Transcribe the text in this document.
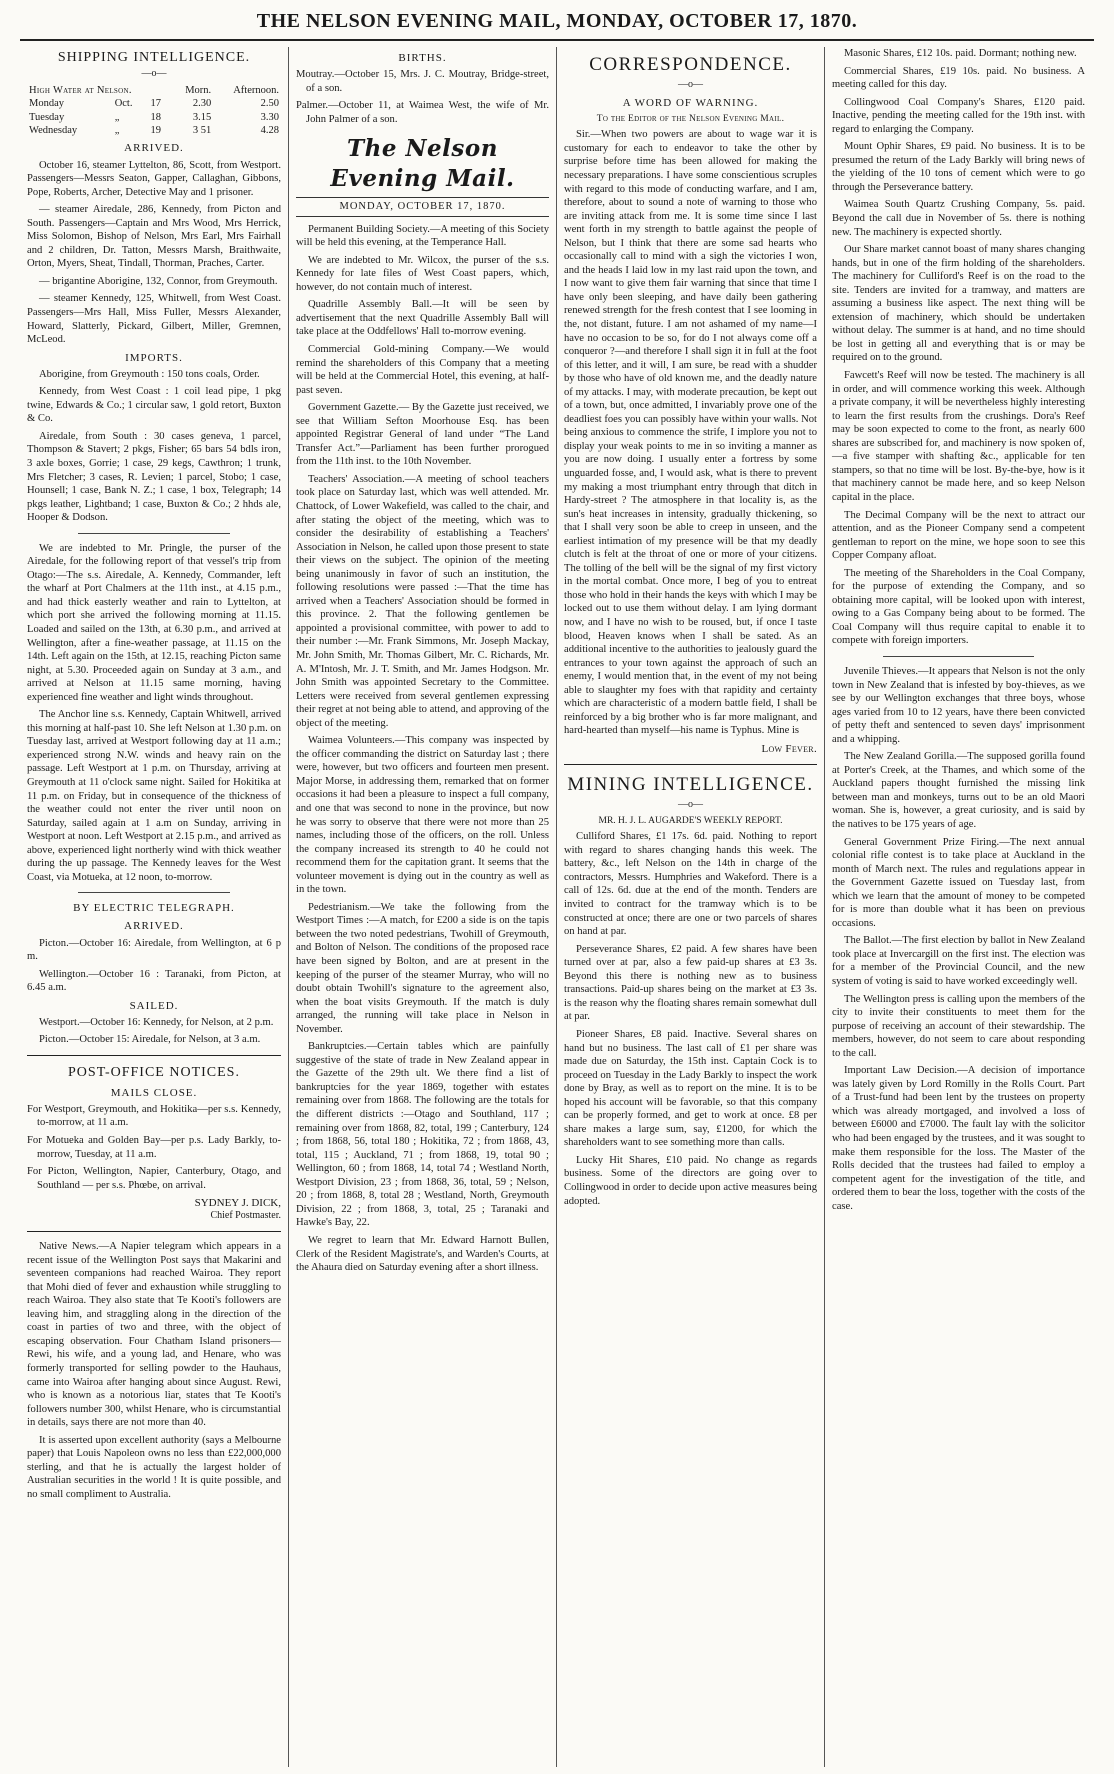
THE NELSON EVENING MAIL, MONDAY, OCTOBER 17, 1870.
SHIPPING INTELLIGENCE.
—o—
High Water at Nelson.			Morn.	Afternoon.
Monday	Oct.	17	2.30	2.50
Tuesday	„	18	3.15	3.30
Wednesday	„	19	3 51	4.28
ARRIVED.

October 16, steamer Lyttelton, 86, Scott, from Westport. Passengers—Messrs Seaton, Gapper, Callaghan, Gibbons, Pope, Roberts, Archer, Detective May and 1 prisoner.

— steamer Airedale, 286, Kennedy, from Picton and South. Passengers—Captain and Mrs Wood, Mrs Herrick, Miss Solomon, Bishop of Nelson, Mrs Earl, Mrs Fairhall and 2 children, Dr. Tatton, Messrs Marsh, Braithwaite, Orton, Myers, Sheat, Tindall, Thorman, Praches, Carter.

— brigantine Aborigine, 132, Connor, from Greymouth.

— steamer Kennedy, 125, Whitwell, from West Coast. Passengers—Mrs Hall, Miss Fuller, Messrs Alexander, Howard, Slatterly, Pickard, Gilbert, Miller, Gremnen, McLeod.

IMPORTS.

Aborigine, from Greymouth : 150 tons coals, Order.

Kennedy, from West Coast : 1 coil lead pipe, 1 pkg twine, Edwards & Co.; 1 circular saw, 1 gold retort, Buxton & Co.

Airedale, from South : 30 cases geneva, 1 parcel, Thompson & Stavert; 2 pkgs, Fisher; 65 bars 54 bdls iron, 3 axle boxes, Gorrie; 1 case, 29 kegs, Cawthron; 1 trunk, Mrs Fletcher; 3 cases, R. Levien; 1 parcel, Stobo; 1 case, Hounsell; 1 case, Bank N. Z.; 1 case, 1 box, Telegraph; 14 pkgs leather, Lightband; 1 case, Buxton & Co.; 2 hhds ale, Hooper & Dodson.

We are indebted to Mr. Pringle, the purser of the Airedale, for the following report of that vessel's trip from Otago:—The s.s. Airedale, A. Kennedy, Commander, left the wharf at Port Chalmers at the 11th inst., at 4.15 p.m., and had thick easterly weather and rain to Lyttelton, at which port she arrived the following morning at 11.15. Loaded and sailed on the 13th, at 6.30 p.m., and arrived at Wellington, after a fine-weather passage, at 11.15 on the 14th. Left again on the 15th, at 12.15, reaching Picton same night, at 5.30. Proceeded again on Sunday at 3 a.m., and arrived at Nelson at 11.15 same morning, having experienced fine weather and light winds throughout.

The Anchor line s.s. Kennedy, Captain Whitwell, arrived this morning at half-past 10. She left Nelson at 1.30 p.m. on Tuesday last, arrived at Westport following day at 11 a.m.; experienced strong N.W. winds and heavy rain on the passage. Left Westport at 1 p.m. on Thursday, arriving at Greymouth at 11 o'clock same night. Sailed for Hokitika at 11 p.m. on Friday, but in consequence of the thickness of the weather could not enter the river until noon on Saturday, sailed again at 1 a.m on Sunday, arriving in Westport at noon. Left Westport at 2.15 p.m., and arrived as above, experienced light northerly wind with thick weather during the up passage. The Kennedy leaves for the West Coast, via Motueka, at 12 noon, to-morrow.

BY ELECTRIC TELEGRAPH.
ARRIVED.

Picton.—October 16: Airedale, from Wellington, at 6 p m.

Wellington.—October 16 : Taranaki, from Picton, at 6.45 a.m.

SAILED.

Westport.—October 16: Kennedy, for Nelson, at 2 p.m.

Picton.—October 15: Airedale, for Nelson, at 3 a.m.

POST-OFFICE NOTICES.
MAILS CLOSE.

For Westport, Greymouth, and Hokitika—per s.s. Kennedy, to-morrow, at 11 a.m.

For Motueka and Golden Bay—per p.s. Lady Barkly, to-morrow, Tuesday, at 11 a.m.

For Picton, Wellington, Napier, Canterbury, Otago, and Southland — per s.s. Phœbe, on arrival.

SYDNEY J. DICK,
Chief Postmaster.

Native News.—A Napier telegram which appears in a recent issue of the Wellington Post says that Makarini and seventeen companions had reached Wairoa. They report that Mohi died of fever and exhaustion while struggling to reach Wairoa. They also state that Te Kooti's followers are leaving him, and straggling along in the direction of the coast in parties of two and three, with the object of escaping observation. Four Chatham Island prisoners—Rewi, his wife, and a young lad, and Henare, who was formerly transported for selling powder to the Hauhaus, came into Wairoa after hanging about since August. Rewi, who is known as a notorious liar, states that Te Kooti's followers number 300, whilst Henare, who is circumstantial in details, says there are not more than 40.

It is asserted upon excellent authority (says a Melbourne paper) that Louis Napoleon owns no less than £22,000,000 sterling, and that he is actually the largest holder of Australian securities in the world ! It is quite possible, and no small compliment to Australia.

BIRTHS.

Moutray.—October 15, Mrs. J. C. Moutray, Bridge-street, of a son.

Palmer.—October 11, at Waimea West, the wife of Mr. John Palmer of a son.

The Nelson Evening Mail.
MONDAY, OCTOBER 17, 1870.

Permanent Building Society.—A meeting of this Society will be held this evening, at the Temperance Hall.

We are indebted to Mr. Wilcox, the purser of the s.s. Kennedy for late files of West Coast papers, which, however, do not contain much of interest.

Quadrille Assembly Ball.—It will be seen by advertisement that the next Quadrille Assembly Ball will take place at the Oddfellows' Hall to-morrow evening.

Commercial Gold-mining Company.—We would remind the shareholders of this Company that a meeting will be held at the Commercial Hotel, this evening, at half-past seven.

Government Gazette.— By the Gazette just received, we see that William Sefton Moorhouse Esq. has been appointed Registrar General of land under “The Land Transfer Act.”—Parliament has been further prorogued from the 11th inst. to the 10th November.

Teachers' Association.—A meeting of school teachers took place on Saturday last, which was well attended. Mr. Chattock, of Lower Wakefield, was called to the chair, and after stating the object of the meeting, which was to consider the desirability of establishing a Teachers' Association in Nelson, he called upon those present to state their views on the subject. The opinion of the meeting being unanimously in favor of such an institution, the following resolutions were passed :—That the time has arrived when a Teachers' Association should be formed in this province. 2. That the following gentlemen be appointed a provisional committee, with power to add to their number :—Mr. Frank Simmons, Mr. Joseph Mackay, Mr. John Smith, Mr. Thomas Gilbert, Mr. C. Richards, Mr. A. M'Intosh, Mr. J. T. Smith, and Mr. James Hodgson. Mr. John Smith was appointed Secretary to the Committee. Letters were received from several gentlemen expressing their regret at not being able to attend, and approving of the object of the meeting.

Waimea Volunteers.—This company was inspected by the officer commanding the district on Saturday last ; there were, however, but two officers and fourteen men present. Major Morse, in addressing them, remarked that on former occasions it had been a pleasure to inspect a full company, and one that was second to none in the province, but now he was sorry to observe that there were not more than 25 names, including those of the officers, on the roll. Unless the company increased its strength to 40 he could not recommend them for the capitation grant. It seems that the volunteer movement is dying out in the country as well as in the town.

Pedestrianism.—We take the following from the Westport Times :—A match, for £200 a side is on the tapis between the two noted pedestrians, Twohill of Greymouth, and Bolton of Nelson. The conditions of the proposed race have been signed by Bolton, and are at present in the keeping of the purser of the steamer Murray, who will no doubt obtain Twohill's signature to the agreement also, when the boat visits Greymouth. If the match is duly arranged, the running will take place in Nelson in November.

Bankruptcies.—Certain tables which are painfully suggestive of the state of trade in New Zealand appear in the Gazette of the 29th ult. We there find a list of bankruptcies for the year 1869, together with estates remaining over from 1868. The following are the totals for the different districts :—Otago and Southland, 117 ; remaining over from 1868, 82, total, 199 ; Canterbury, 124 ; from 1868, 56, total 180 ; Hokitika, 72 ; from 1868, 43, total, 115 ; Auckland, 71 ; from 1868, 19, total 90 ; Wellington, 60 ; from 1868, 14, total 74 ; Westland North, Westport Division, 23 ; from 1868, 36, total, 59 ; Nelson, 20 ; from 1868, 8, total 28 ; Westland, North, Greymouth Division, 22 ; from 1868, 3, total, 25 ; Taranaki and Hawke's Bay, 22.

We regret to learn that Mr. Edward Harnott Bullen, Clerk of the Resident Magistrate's, and Warden's Courts, at the Ahaura died on Saturday evening after a short illness.

CORRESPONDENCE.
—o—
A WORD OF WARNING.
To the Editor of the Nelson Evening Mail.

Sir.—When two powers are about to wage war it is customary for each to endeavor to take the other by surprise before time has been allowed for making the necessary preparations. I have some conscientious scruples with regard to this mode of conducting warfare, and I am, therefore, about to sound a note of warning to those who are inviting attack from me. It is some time since I last went forth in my strength to battle against the people of Nelson, but I think that there are some sad hearts who occasionally call to mind with a sigh the victories I won, and the heads I laid low in my last raid upon the town, and I now want to give them fair warning that since that time I have only been sleeping, and have daily been gathering renewed strength for the fresh contest that I see looming in the, not distant, future. I am not ashamed of my name—I have no occasion to be so, for do I not always come off a conqueror ?—and therefore I shall sign it in full at the foot of this letter, and it will, I am sure, be read with a shudder by those who have of old known me, and the deadly nature of my attacks. I may, with moderate precaution, be kept out of a town, but, once admitted, I invariably prove one of the deadliest foes you can possibly have within your walls. Not being anxious to commence the strife, I implore you not to display your weak points to me in so inviting a manner as you are now doing. I usually enter a fortress by some unguarded fosse, and, I would ask, what is there to prevent my making a most triumphant entry through that ditch in Hardy-street ? The atmosphere in that locality is, as the sun's heat increases in intensity, gradually thickening, so that I shall very soon be able to creep in unseen, and the earliest intimation of my presence will be that my deadly clutch is felt at the throat of one or more of your citizens. The tolling of the bell will be the signal of my first victory in the mortal combat. Once more, I beg of you to entreat those who hold in their hands the keys with which I may be locked out to use them without delay. I am lying dormant now, and I have no wish to be roused, but, if once I taste blood, Heaven knows when I shall be sated. As an additional incentive to the authorities to jealously guard the entrances to your town against the approach of such an enemy, I would mention that, in the event of my not being able to slaughter my foes with that rapidity and certainty which are characteristic of a modern battle field, I shall be reinforced by a big brother who is far more malignant, and hard-hearted than myself—his name is Typhus. Mine is

Low Fever.
MINING INTELLIGENCE.
—o—
MR. H. J. L. AUGARDE'S WEEKLY REPORT.

Culliford Shares, £1 17s. 6d. paid. Nothing to report with regard to shares changing hands this week. The battery, &c., left Nelson on the 14th in charge of the contractors, Messrs. Humphries and Wakeford. There is a call of 12s. 6d. due at the end of the month. Tenders are invited to contract for the tramway which is to be constructed at once; there are one or two parcels of shares on hand at par.

Perseverance Shares, £2 paid. A few shares have been turned over at par, also a few paid-up shares at £3 3s. Beyond this there is nothing new as to business transactions. Paid-up shares being on the market at £3 3s. is the reason why the floating shares remain somewhat dull at par.

Pioneer Shares, £8 paid. Inactive. Several shares on hand but no business. The last call of £1 per share was made due on Saturday, the 15th inst. Captain Cock is to proceed on Tuesday in the Lady Barkly to inspect the work done by Bray, as well as to report on the mine. It is to be hoped his account will be favorable, so that this company can be properly formed, and get to work at once. £8 per share makes a large sum, say, £1200, for which the shareholders want to see something more than calls.

Lucky Hit Shares, £10 paid. No change as regards business. Some of the directors are going over to Collingwood in order to decide upon active measures being adopted.

Masonic Shares, £12 10s. paid. Dormant; nothing new.

Commercial Shares, £19 10s. paid. No business. A meeting called for this day.

Collingwood Coal Company's Shares, £120 paid. Inactive, pending the meeting called for the 19th inst. with regard to enlarging the Company.

Mount Ophir Shares, £9 paid. No business. It is to be presumed the return of the Lady Barkly will bring news of the yielding of the 10 tons of cement which were to go through the Perseverance battery.

Waimea South Quartz Crushing Company, 5s. paid. Beyond the call due in November of 5s. there is nothing new. The machinery is expected shortly.

Our Share market cannot boast of many shares changing hands, but in one of the firm holding of the shareholders. The machinery for Culliford's Reef is on the road to the site. Tenders are invited for a tramway, and matters are assuming a business like aspect. The next thing will be extension of machinery, which should be undertaken without delay. The summer is at hand, and no time should be lost in getting all and everything that is or may be required on to the ground.

Fawcett's Reef will now be tested. The machinery is all in order, and will commence working this week. Although a private company, it will be nevertheless highly interesting to learn the first results from the crushings. Dora's Reef may be soon expected to come to the front, as nearly 600 shares are subscribed for, and machinery is now spoken of,—a five stamper with shafting &c., applicable for ten stampers, so that no time will be lost. By-the-bye, how is it that machinery cannot be made here, and so keep Nelson capital in the place.

The Decimal Company will be the next to attract our attention, and as the Pioneer Company send a competent gentleman to report on the mine, we hope soon to see this Copper Company afloat.

The meeting of the Shareholders in the Coal Company, for the purpose of extending the Company, and so obtaining more capital, will be looked upon with interest, owing to a Gas Company being about to be formed. The Coal Company will thus require capital to enable it to compete with foreign importers.

Juvenile Thieves.—It appears that Nelson is not the only town in New Zealand that is infested by boy-thieves, as we see by our Wellington exchanges that three boys, whose ages varied from 10 to 12 years, have there been convicted of petty theft and sentenced to seven days' imprisonment and a whipping.

The New Zealand Gorilla.—The supposed gorilla found at Porter's Creek, at the Thames, and which some of the Auckland papers thought furnished the missing link between man and monkeys, turns out to be an old Maori woman. She is, however, a great curiosity, and is said by the natives to be 175 years of age.

General Government Prize Firing.—The next annual colonial rifle contest is to take place at Auckland in the month of March next. The rules and regulations appear in the Government Gazette issued on Tuesday last, from which we learn that the amount of money to be competed for is more than double what it has been on previous occasions.

The Ballot.—The first election by ballot in New Zealand took place at Invercargill on the first inst. The election was for a member of the Provincial Council, and the new system of voting is said to have worked exceedingly well.

The Wellington press is calling upon the members of the city to invite their constituents to meet them for the purpose of receiving an account of their stewardship. The members, however, do not seem to care about responding to the call.

Important Law Decision.—A decision of importance was lately given by Lord Romilly in the Rolls Court. Part of a Trust-fund had been lent by the trustees on property which was already mortgaged, and involved a loss of between £6000 and £7000. The fault lay with the solicitor who had been engaged by the trustees, and it was sought to make them responsible for the loss. The Master of the Rolls decided that the trustees had failed to employ a competent agent for the investigation of the title, and ordered them to bear the loss, together with the costs of the case.
